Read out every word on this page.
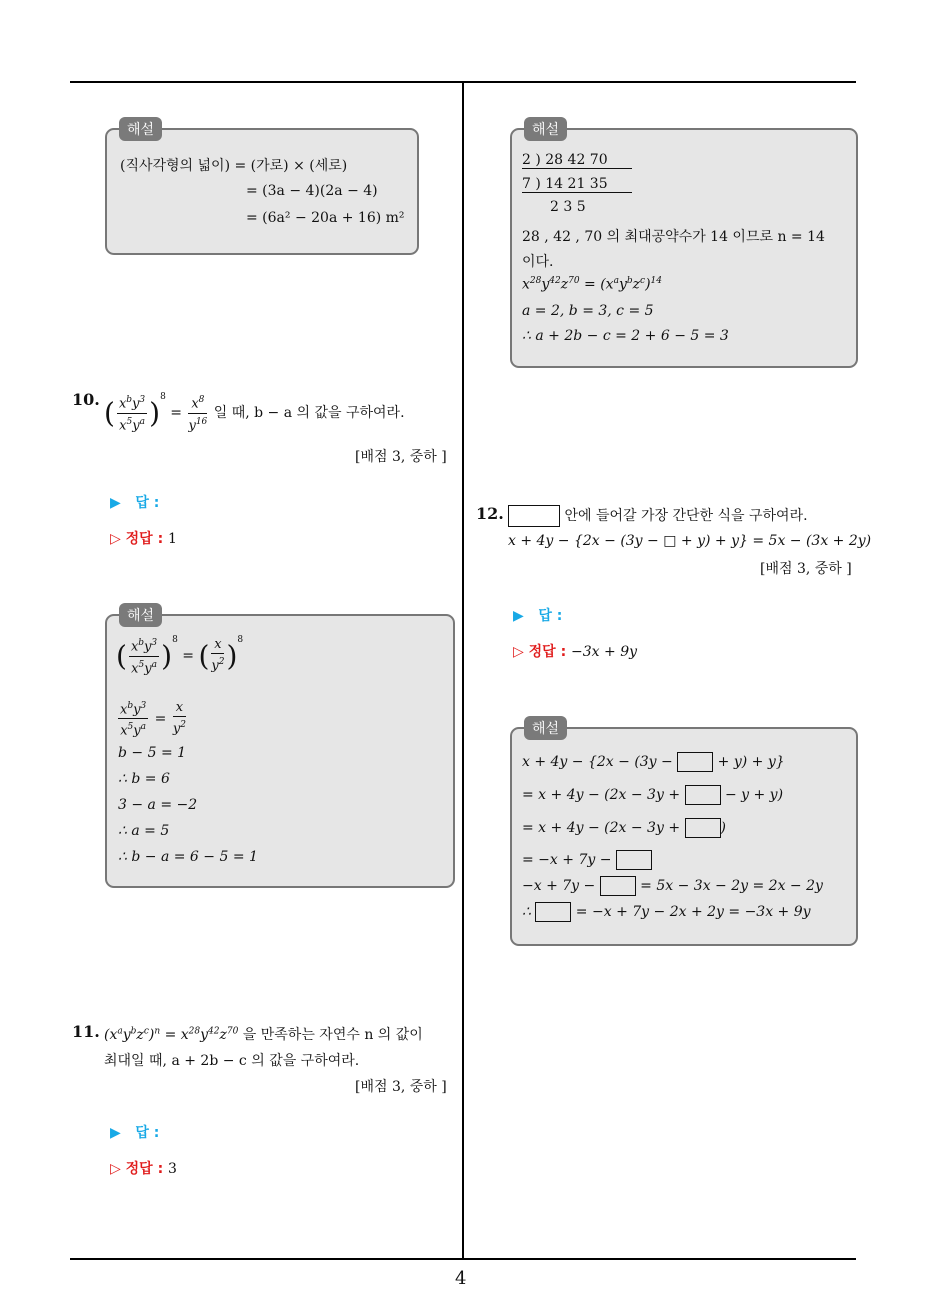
4
해설
(직사각형의 넓이) = (가로) × (세로)
= (3a − 4)(2a − 4)
= (6a² − 20a + 16) m²
10. ( $\frac{x^by^3}{x^5y^a} )^8 = \frac{x^8}{y^{16}}$ 일 때, b − a 의 값을 구하여라.
[배점 3, 중하 ]
▶   답 :
▷ 정답 : 1
해설
( $\frac{x^by^3}{x^5y^a} )^8$ = ( $\frac{x}{y^2} )^8$
$\frac{x^by^3}{x^5y^a} = \frac{x}{y^2}$
b − 5 = 1
∴ b = 6
3 − a = −2
∴ a = 5
∴ b − a = 6 − 5 = 1
11. $(x^ay^bz^c)^n = x^{28}y^{42}z^{70}$ 을 만족하는 자연수 n 의 값이
최대일 때, a + 2b − c 의 값을 구하여라.
[배점 3, 중하 ]
▶   답 :
▷ 정답 : 3
해설
2 ) 28 42 70
7 ) 14 21 35
2 3 5
28 , 42 , 70 의 최대공약수가 14 이므로 n = 14
이다.
$x^{28}y^{42}z^{70} = (x^ay^bz^c)^{14}$
a = 2, b = 3, c = 5
∴ a + 2b − c = 2 + 6 − 5 = 3
12.	안에 들어갈 가장 간단한 식을 구하여라.
x + 4y − {2x − (3y − □ + y) + y} = 5x − (3x + 2y)
[배점 3, 중하 ]
▶   답 :
▷ 정답 : −3x + 9y
해설
x + 4y − {2x − (3y −	+ y) + y}
= x + 4y − (2x − 3y +	− y + y)
= x + 4y − (2x − 3y +	)
= −x + 7y −
−x + 7y −	= 5x − 3x − 2y = 2x − 2y
∴	= −x + 7y − 2x + 2y = −3x + 9y
